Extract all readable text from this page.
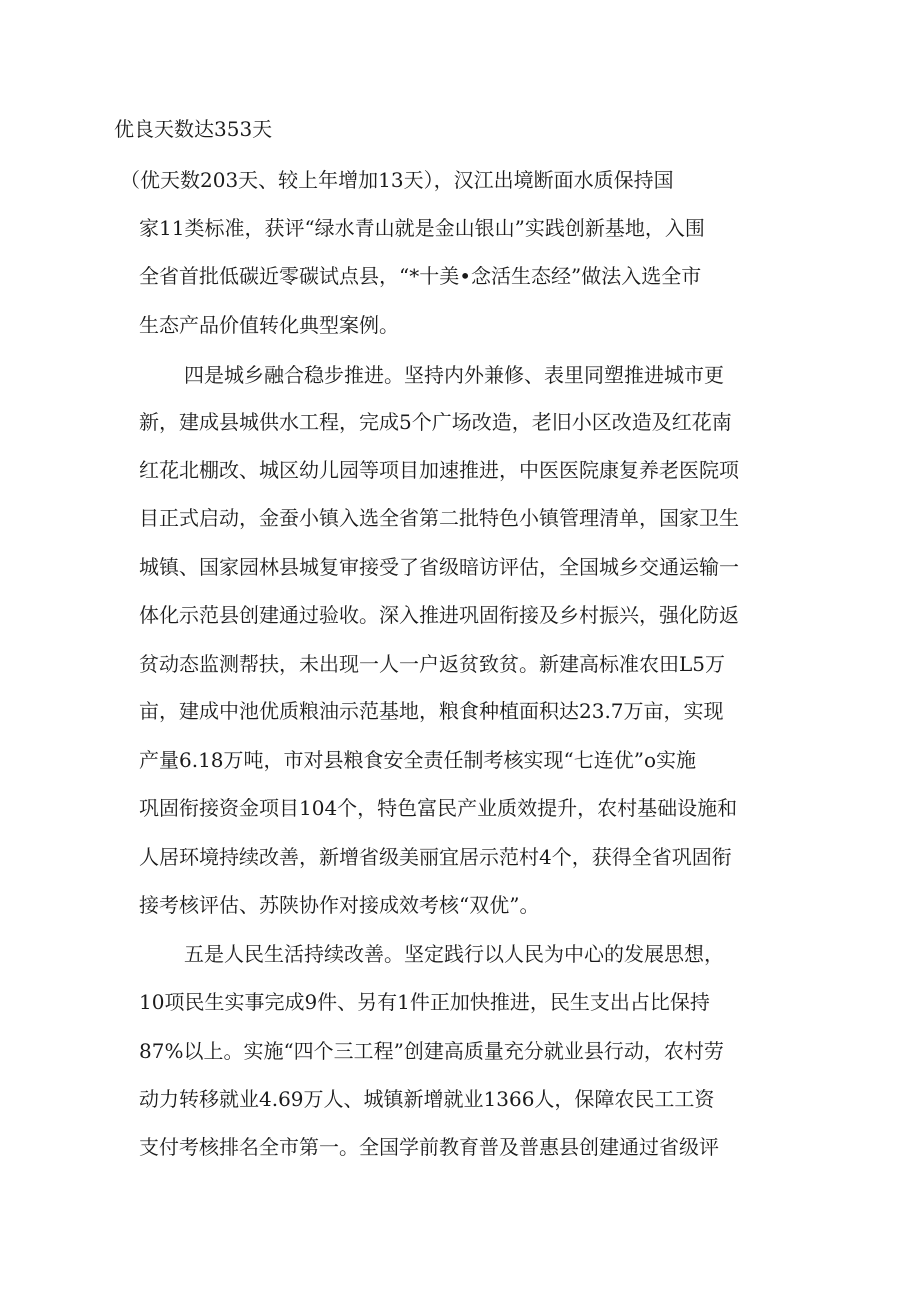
优良天数达353天

（优天数203天、较上年增加13天），汉江出境断面水质保持国

家11类标准，获评“绿水青山就是金山银山”实践创新基地，入围

全省首批低碳近零碳试点县，“*十美•念活生态经”做法入选全市

生态产品价值转化典型案例。

四是城乡融合稳步推进。坚持内外兼修、表里同塑推进城市更

新，建成县城供水工程，完成5个广场改造，老旧小区改造及红花南

红花北棚改、城区幼儿园等项目加速推进，中医医院康复养老医院项

目正式启动，金蚕小镇入选全省第二批特色小镇管理清单，国家卫生

城镇、国家园林县城复审接受了省级暗访评估，全国城乡交通运输一

体化示范县创建通过验收。深入推进巩固衔接及乡村振兴，强化防返

贫动态监测帮扶，未出现一人一户返贫致贫。新建高标准农田L5万

亩，建成中池优质粮油示范基地，粮食种植面积达23.7万亩，实现

产量6.18万吨，市对县粮食安全责任制考核实现“七连优”o实施

巩固衔接资金项目104个，特色富民产业质效提升，农村基础设施和

人居环境持续改善，新增省级美丽宜居示范村4个，获得全省巩固衔

接考核评估、苏陕协作对接成效考核“双优”。

五是人民生活持续改善。坚定践行以人民为中心的发展思想，

10项民生实事完成9件、另有1件正加快推进，民生支出占比保持

87%以上。实施“四个三工程”创建高质量充分就业县行动，农村劳

动力转移就业4.69万人、城镇新增就业1366人，保障农民工工资

支付考核排名全市第一。全国学前教育普及普惠县创建通过省级评
